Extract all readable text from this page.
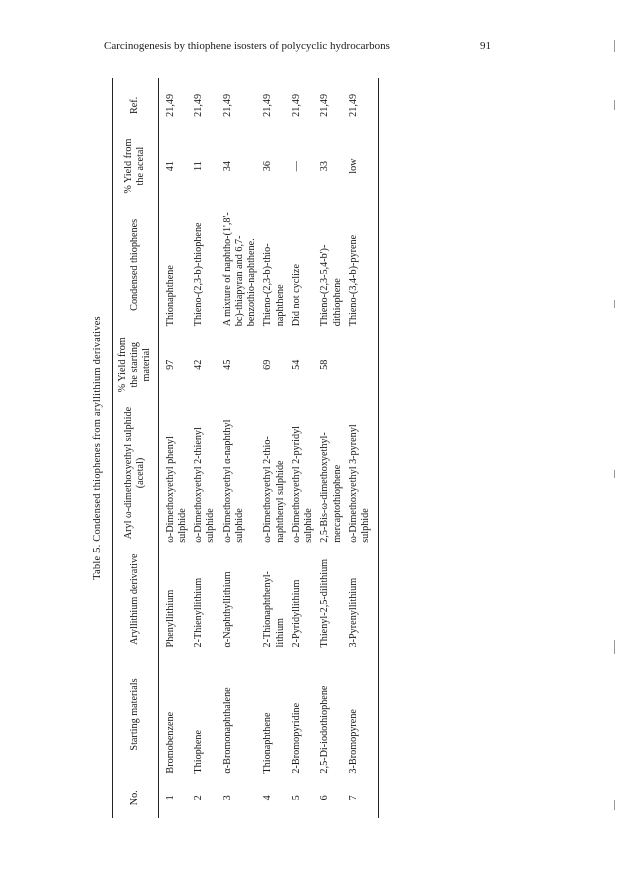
Carcinogenesis by thiophene isosters of polycyclic hydrocarbons	91
Table 5. Condensed thiophenes from aryllithium derivatives
No.	Starting materials	Aryllithium derivative	Aryl ω-dimethoxyethyl sulphide (acetal)	% Yield from the starting material	Condensed thiophenes	% Yield from the acetal	Ref.
1	Bromobenzene	Phenyllithium	ω-Dimethoxyethyl phenyl sulphide	97	Thionaphthene	41	21,49
2	Thiophene	2-Thienyllithium	ω-Dimethoxyethyl 2-thienyl sulphide	42	Thieno-(2,3-b)-thiophene	11	21,49
3	α-Bromonaphthalene	α-Naphthyllithium	ω-Dimethoxyethyl α-naphthyl sulphide	45	A mixture of naphtho-(1',8'-bc)-thiapyran and 6,7-benzothio-naphthene.	34	21,49
4	Thionaphthene	2-Thionaphthenyl-lithium	ω-Dimethoxyethyl 2-thio-naphthenyl sulphide	69	Thieno-(2,3-b)-thio-naphthene	36	21,49
5	2-Bromopyridine	2-Pyridyllithium	ω-Dimethoxyethyl 2-pyridyl sulphide	54	Did not cyclize	—	21,49
6	2,5-Di-iodothiophene	Thienyl-2,5-dilithium	2,5-Bis-ω-dimethoxyethyl-mercaptothiophene	58	Thieno-(2,3-5,4-b')-dithiophene	33	21,49
7	3-Bromopyrene	3-Pyrenyllithium	ω-Dimethoxyethyl 3-pyrenyl sulphide		Thieno-(3,4-b)-pyrene	low	21,49
